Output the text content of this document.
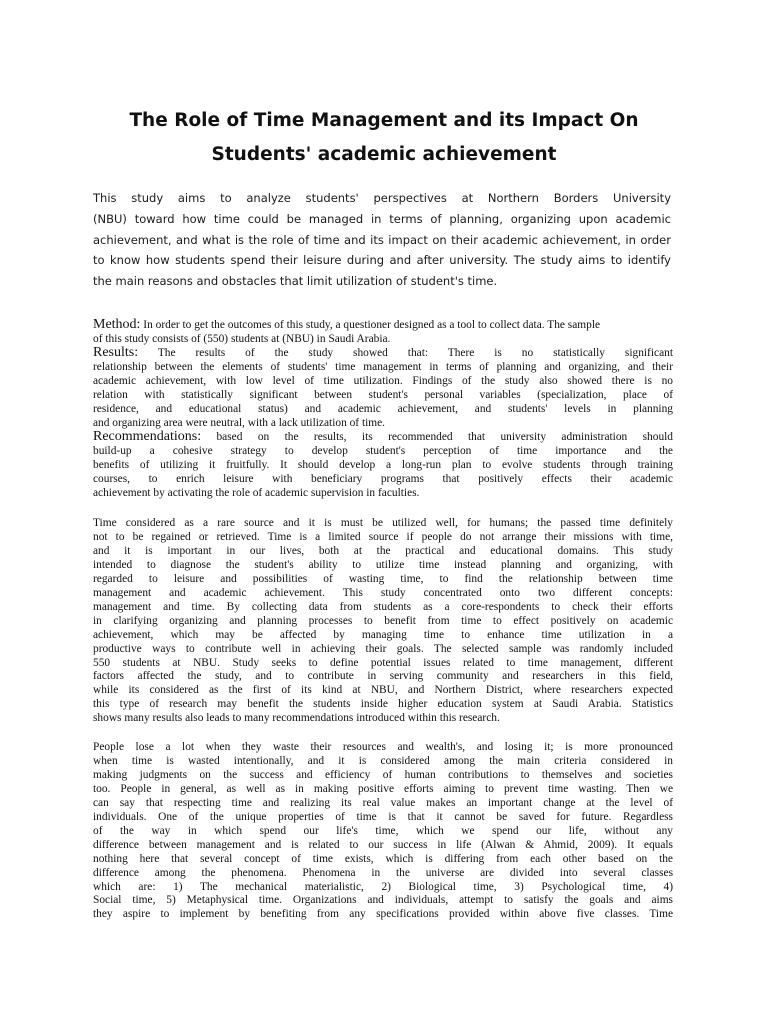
The Role of Time Management and its Impact On
Students' academic achievement
This study aims to analyze students' perspectives at Northern Borders University
(NBU) toward how time could be managed in terms of planning, organizing upon academic
achievement, and what is the role of time and its impact on their academic achievement, in order
to know how students spend their leisure during and after university. The study aims to identify
the main reasons and obstacles that limit utilization of student's time.
Method: In order to get the outcomes of this study, a questioner designed as a tool to collect data. The sample
of this study consists of (550) students at (NBU) in Saudi Arabia.
Results: The results of the study showed that: There is no statistically significant
relationship between the elements of students' time management in terms of planning and organizing, and their
academic achievement, with low level of time utilization. Findings of the study also showed there is no
relation with statistically significant between student's personal variables (specialization, place of
residence, and educational status) and academic achievement, and students' levels in planning
and organizing area were neutral, with a lack utilization of time.
Recommendations: based on the results, its recommended that university administration should
build-up a cohesive strategy to develop student's perception of time importance and the
benefits of utilizing it fruitfully. It should develop a long-run plan to evolve students through training
courses, to enrich leisure with beneficiary programs that positively effects their academic
achievement by activating the role of academic supervision in faculties.
Time considered as a rare source and it is must be utilized well, for humans; the passed time definitely
not to be regained or retrieved. Time is a limited source if people do not arrange their missions with time,
and it is important in our lives, both at the practical and educational domains. This study
intended to diagnose the student's ability to utilize time instead planning and organizing, with
regarded to leisure and possibilities of wasting time, to find the relationship between time
management and academic achievement. This study concentrated onto two different concepts:
management and time. By collecting data from students as a core-respondents to check their efforts
in clarifying organizing and planning processes to benefit from time to effect positively on academic
achievement, which may be affected by managing time to enhance time utilization in a
productive ways to contribute well in achieving their goals. The selected sample was randomly included
550 students at NBU. Study seeks to define potential issues related to time management, different
factors affected the study, and to contribute in serving community and researchers in this field,
while its considered as the first of its kind at NBU, and Northern District, where researchers expected
this type of research may benefit the students inside higher education system at Saudi Arabia. Statistics
shows many results also leads to many recommendations introduced within this research.
People lose a lot when they waste their resources and wealth's, and losing it; is more pronounced
when time is wasted intentionally, and it is considered among the main criteria considered in
making judgments on the success and efficiency of human contributions to themselves and societies
too. People in general, as well as in making positive efforts aiming to prevent time wasting. Then we
can say that respecting time and realizing its real value makes an important change at the level of
individuals. One of the unique properties of time is that it cannot be saved for future. Regardless
of the way in which spend our life's time, which we spend our life, without any
difference between management and is related to our success in life (Alwan & Ahmid, 2009). It equals
nothing here that several concept of time exists, which is differing from each other based on the
difference among the phenomena. Phenomena in the universe are divided into several classes
which are: 1) The mechanical materialistic, 2) Biological time, 3) Psychological time, 4)
Social time, 5) Metaphysical time. Organizations and individuals, attempt to satisfy the goals and aims
they aspire to implement by benefiting from any specifications provided within above five classes. Time
